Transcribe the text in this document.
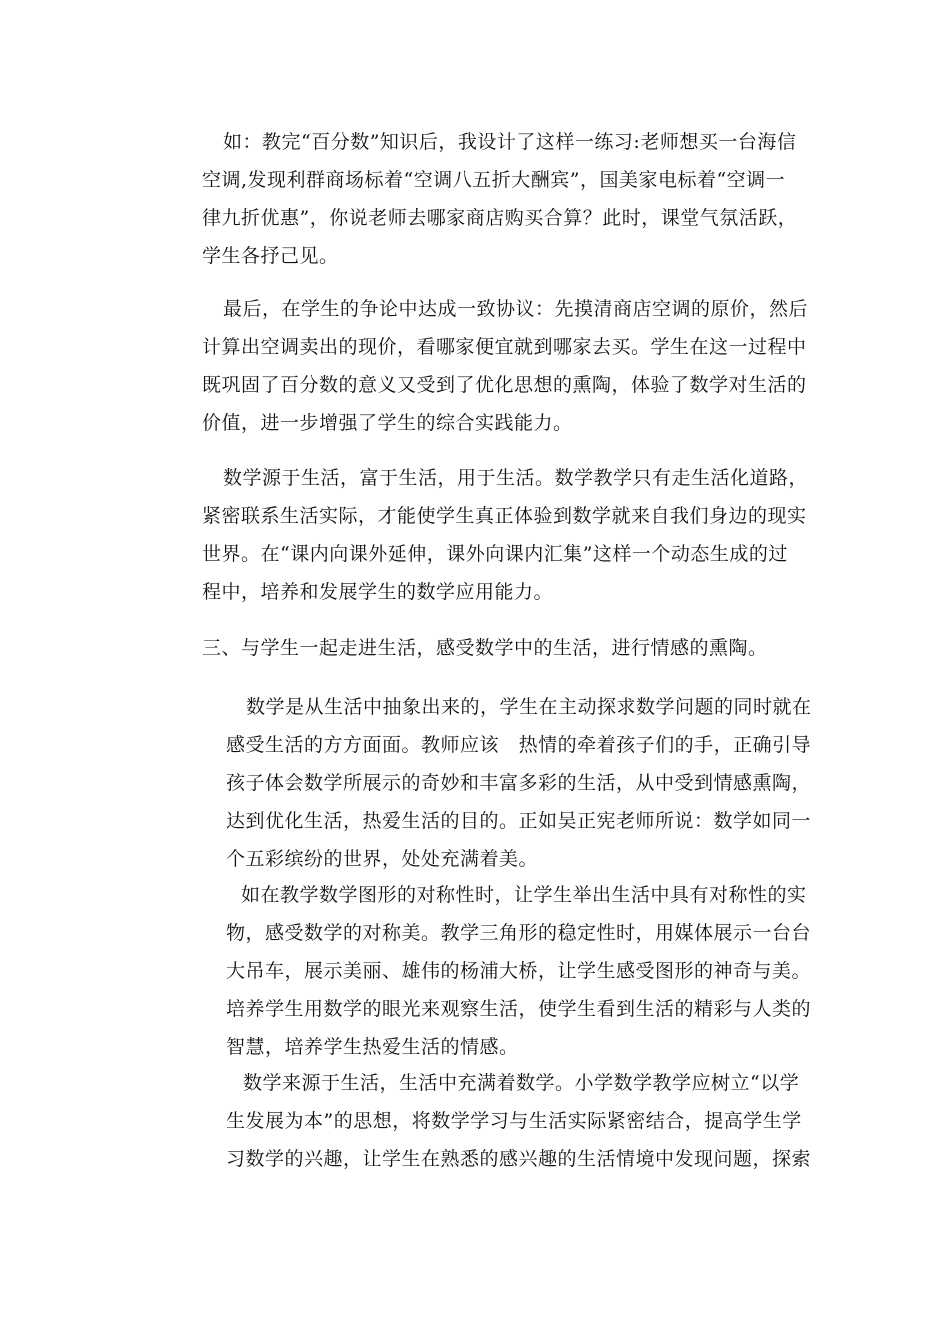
如：教完“百分数”知识后，我设计了这样一练习:老师想买一台海信
空调,发现利群商场标着“空调八五折大酬宾”，国美家电标着“空调一
律九折优惠”，你说老师去哪家商店购买合算？此时，课堂气氛活跃，
学生各抒己见。
最后，在学生的争论中达成一致协议：先摸清商店空调的原价，然后
计算出空调卖出的现价，看哪家便宜就到哪家去买。学生在这一过程中
既巩固了百分数的意义又受到了优化思想的熏陶，体验了数学对生活的
价值，进一步增强了学生的综合实践能力。
数学源于生活，富于生活，用于生活。数学教学只有走生活化道路，
紧密联系生活实际，才能使学生真正体验到数学就来自我们身边的现实
世界。在“课内向课外延伸，课外向课内汇集”这样一个动态生成的过
程中，培养和发展学生的数学应用能力。
三、与学生一起走进生活，感受数学中的生活，进行情感的熏陶。
数学是从生活中抽象出来的，学生在主动探求数学问题的同时就在
感受生活的方方面面。教师应该   热情的牵着孩子们的手，正确引导
孩子体会数学所展示的奇妙和丰富多彩的生活，从中受到情感熏陶，
达到优化生活，热爱生活的目的。正如吴正宪老师所说：数学如同一
个五彩缤纷的世界，处处充满着美。
如在教学数学图形的对称性时，让学生举出生活中具有对称性的实
物，感受数学的对称美。教学三角形的稳定性时，用媒体展示一台台
大吊车，展示美丽、雄伟的杨浦大桥，让学生感受图形的神奇与美。
培养学生用数学的眼光来观察生活，使学生看到生活的精彩与人类的
智慧，培养学生热爱生活的情感。
数学来源于生活，生活中充满着数学。小学数学教学应树立“以学
生发展为本”的思想，将数学学习与生活实际紧密结合，提高学生学
习数学的兴趣，让学生在熟悉的感兴趣的生活情境中发现问题，探索
